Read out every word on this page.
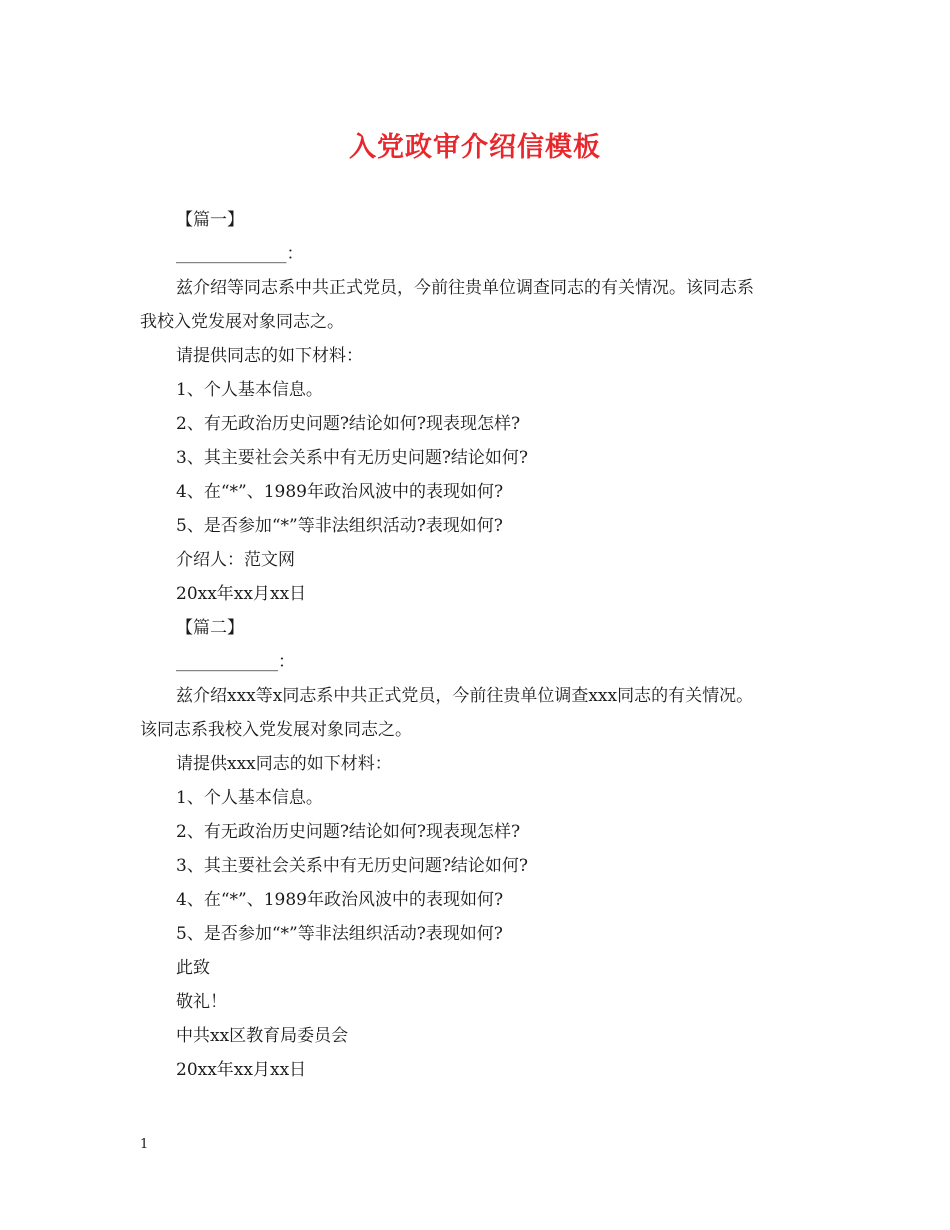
入党政审介绍信模板
【篇一】
_____________：
兹介绍等同志系中共正式党员，今前往贵单位调查同志的有关情况。该同志系
我校入党发展对象同志之。
请提供同志的如下材料：
1、个人基本信息。
2、有无政治历史问题?结论如何?现表现怎样?
3、其主要社会关系中有无历史问题?结论如何?
4、在“*”、1989年政治风波中的表现如何?
5、是否参加“*”等非法组织活动?表现如何?
介绍人：范文网
20xx年xx月xx日
【篇二】
____________：
兹介绍xxx等x同志系中共正式党员，今前往贵单位调查xxx同志的有关情况。
该同志系我校入党发展对象同志之。
请提供xxx同志的如下材料：
1、个人基本信息。
2、有无政治历史问题?结论如何?现表现怎样?
3、其主要社会关系中有无历史问题?结论如何?
4、在“*”、1989年政治风波中的表现如何?
5、是否参加“*”等非法组织活动?表现如何?
此致
敬礼！
中共xx区教育局委员会
20xx年xx月xx日
1
